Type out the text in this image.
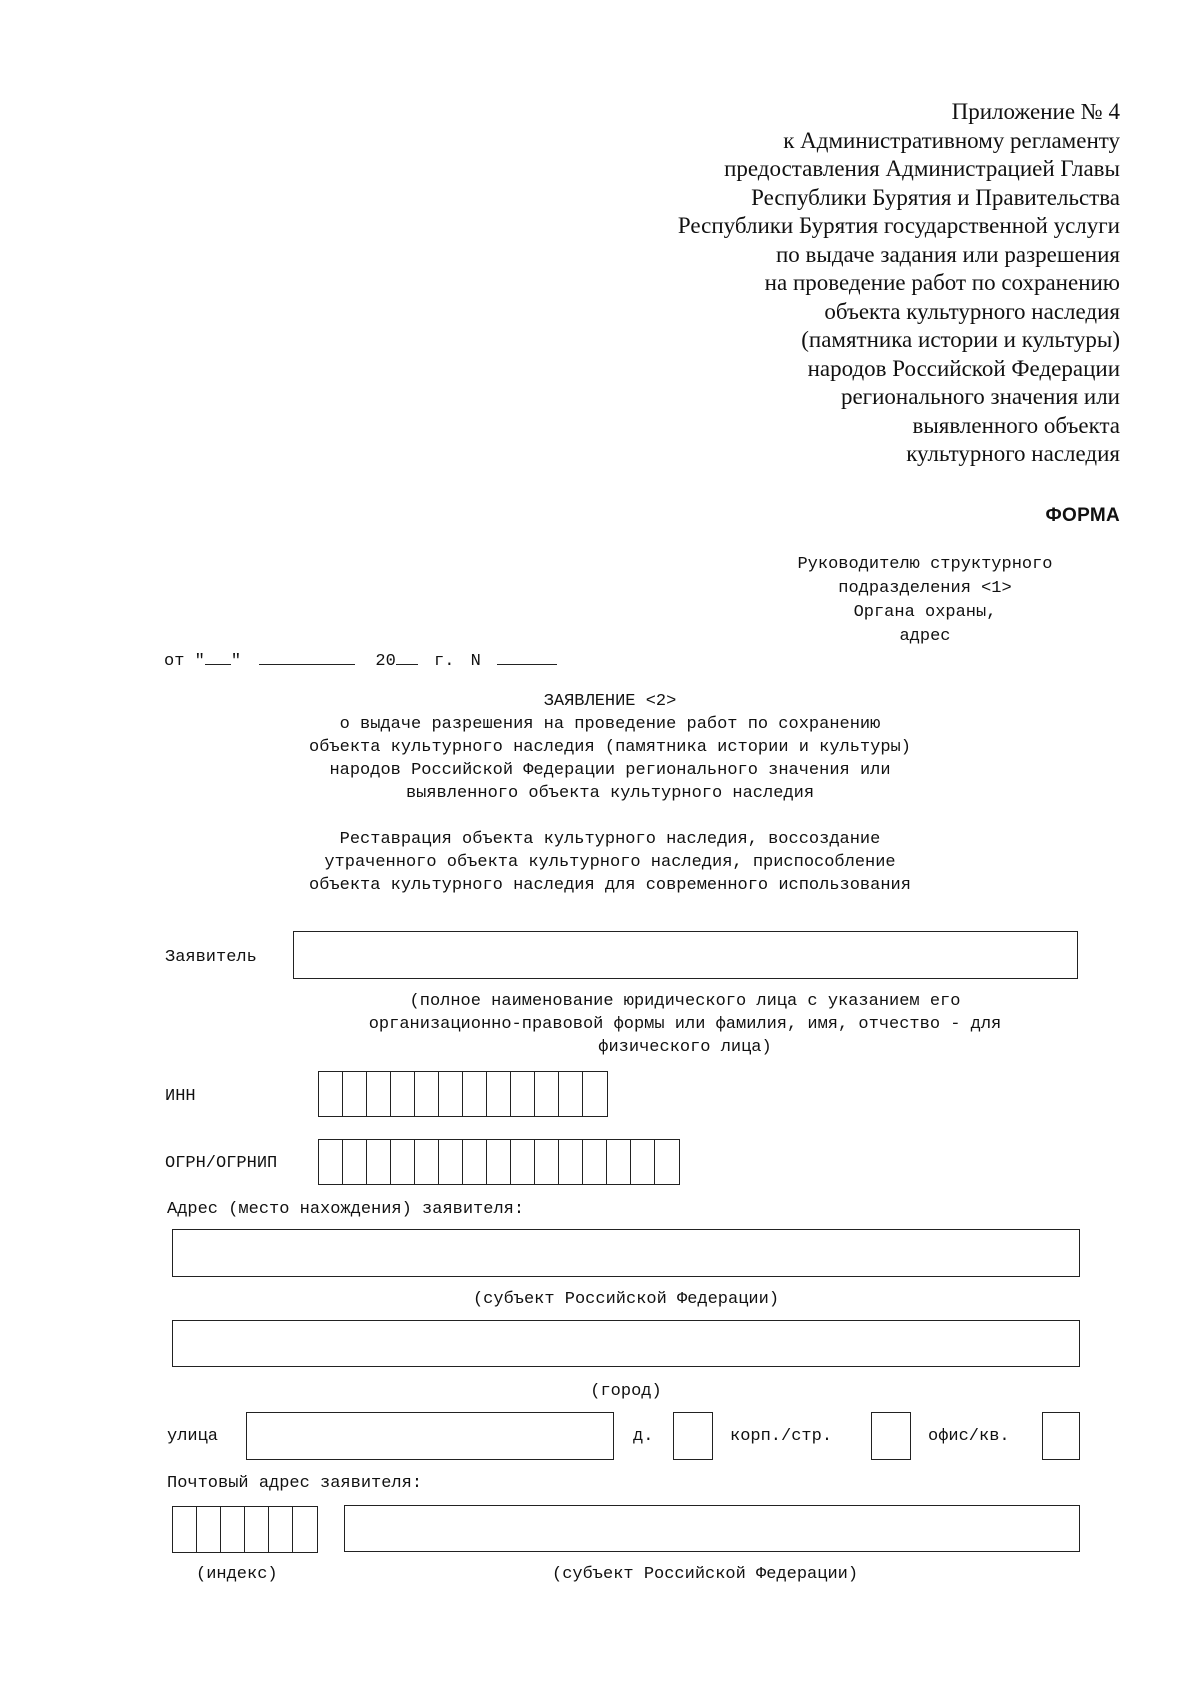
Приложение № 4
к Административному регламенту
предоставления Администрацией Главы
Республики Бурятия и Правительства
Республики Бурятия государственной услуги
по выдаче задания или разрешения
на проведение работ по сохранению
объекта культурного наследия
(памятника истории и культуры)
народов Российской Федерации
регионального значения или
выявленного объекта
культурного наследия
ФОРМА
Руководителю структурного
подразделения <1>
Органа охраны,
адрес
от " "	20 г. N
ЗАЯВЛЕНИЕ <2>
о выдаче разрешения на проведение работ по сохранению
объекта культурного наследия (памятника истории и культуры)
народов Российской Федерации регионального значения или
выявленного объекта культурного наследия
Реставрация объекта культурного наследия, воссоздание
утраченного объекта культурного наследия, приспособление
объекта культурного наследия для современного использования
Заявитель
(полное наименование юридического лица с указанием его
организационно-правовой формы или фамилия, имя, отчество - для
физического лица)
ИНН
ОГРН/ОГРНИП
Адрес (место нахождения) заявителя:
(субъект Российской Федерации)
(город)
улица	д.	корп./стр.	офис/кв.
Почтовый адрес заявителя:
(индекс)	(субъект Российской Федерации)
